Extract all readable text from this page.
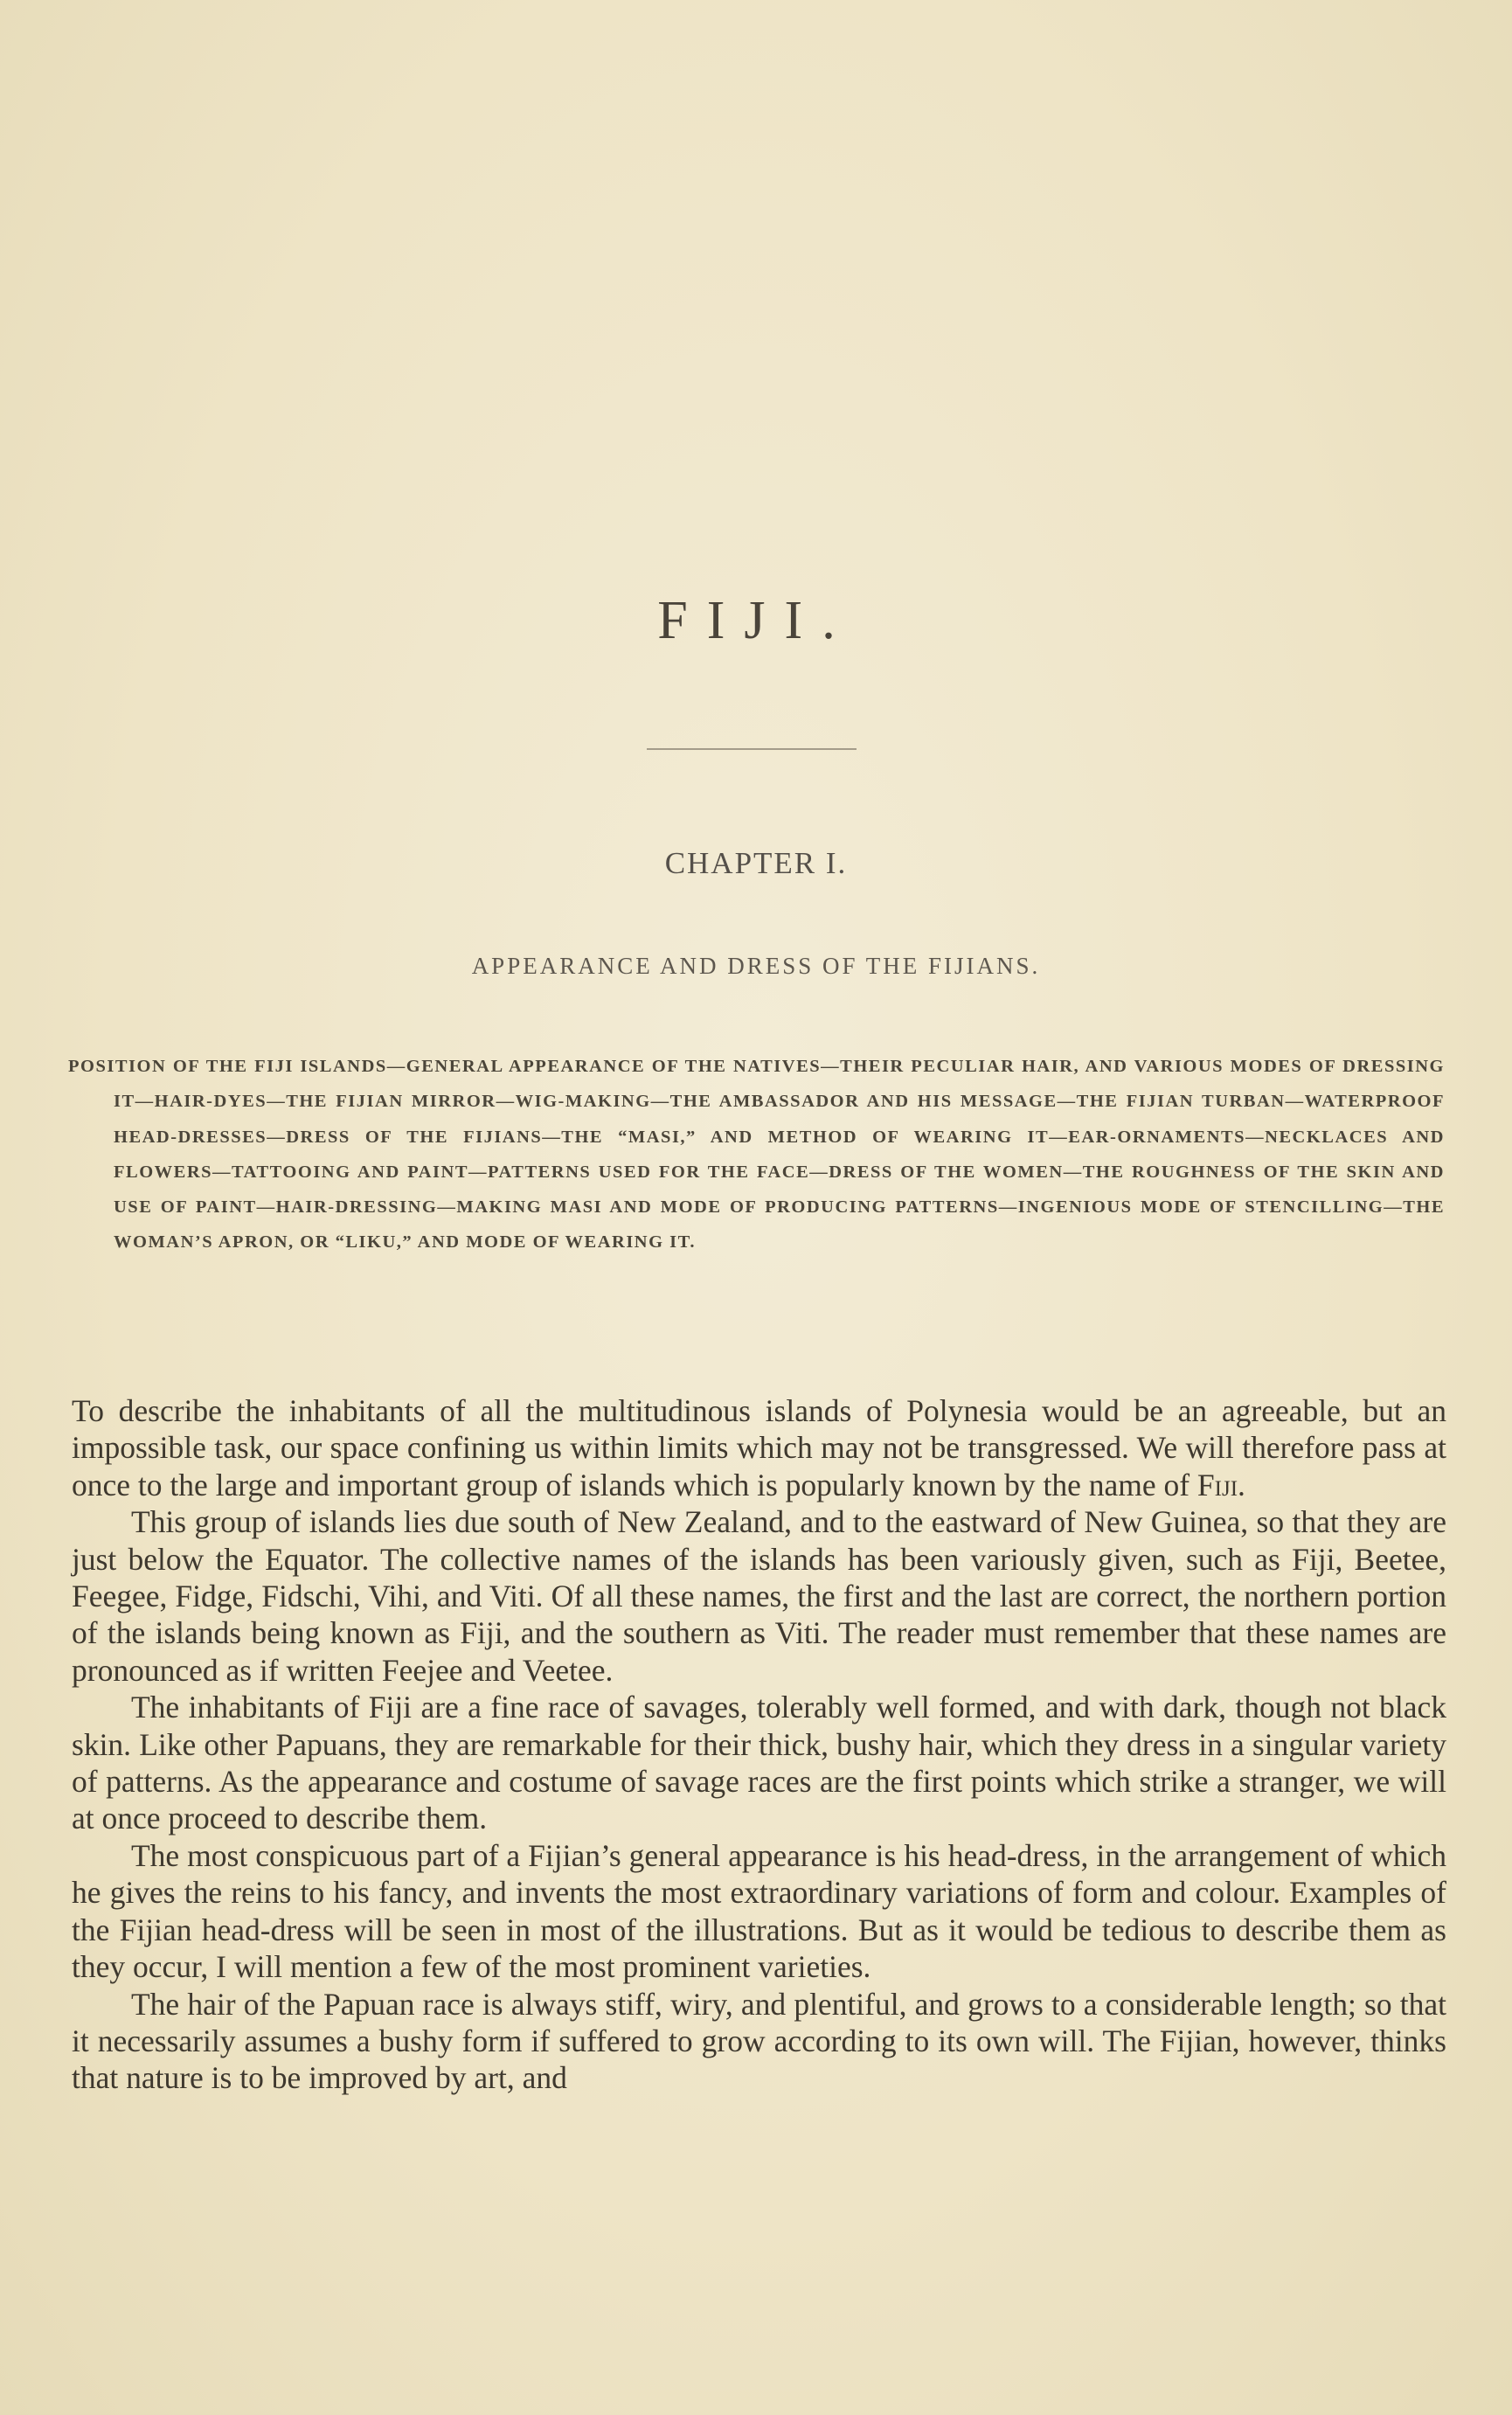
FIJI.
CHAPTER I.
APPEARANCE AND DRESS OF THE FIJIANS.

POSITION OF THE FIJI ISLANDS—GENERAL APPEARANCE OF THE NATIVES—THEIR PECULIAR HAIR, AND VARIOUS MODES OF DRESSING IT—HAIR-DYES—THE FIJIAN MIRROR—WIG-MAKING—THE AMBASSADOR AND HIS MESSAGE—THE FIJIAN TURBAN—WATERPROOF HEAD-DRESSES—DRESS OF THE FIJIANS—THE “MASI,” AND METHOD OF WEARING IT—EAR-ORNAMENTS—NECKLACES AND FLOWERS—TATTOOING AND PAINT—PATTERNS USED FOR THE FACE—DRESS OF THE WOMEN—THE ROUGHNESS OF THE SKIN AND USE OF PAINT—HAIR-DRESSING—MAKING MASI AND MODE OF PRODUCING PATTERNS—INGENIOUS MODE OF STENCILLING—THE WOMAN’S APRON, OR “LIKU,” AND MODE OF WEARING IT.

To describe the inhabitants of all the multitudinous islands of Polynesia would be an agreeable, but an impossible task, our space confining us within limits which may not be transgressed. We will therefore pass at once to the large and important group of islands which is popularly known by the name of Fiji.

This group of islands lies due south of New Zealand, and to the eastward of New Guinea, so that they are just below the Equator. The collective names of the islands has been variously given, such as Fiji, Beetee, Feegee, Fidge, Fidschi, Vihi, and Viti. Of all these names, the first and the last are correct, the northern portion of the islands being known as Fiji, and the southern as Viti. The reader must remember that these names are pronounced as if written Feejee and Veetee.

The inhabitants of Fiji are a fine race of savages, tolerably well formed, and with dark, though not black skin. Like other Papuans, they are remarkable for their thick, bushy hair, which they dress in a singular variety of patterns. As the appearance and costume of savage races are the first points which strike a stranger, we will at once proceed to describe them.

The most conspicuous part of a Fijian’s general appearance is his head-dress, in the arrangement of which he gives the reins to his fancy, and invents the most extraordinary variations of form and colour. Examples of the Fijian head-dress will be seen in most of the illustrations. But as it would be tedious to describe them as they occur, I will mention a few of the most prominent varieties.

The hair of the Papuan race is always stiff, wiry, and plentiful, and grows to a considerable length; so that it necessarily assumes a bushy form if suffered to grow according to its own will. The Fijian, however, thinks that nature is to be improved by art, and
